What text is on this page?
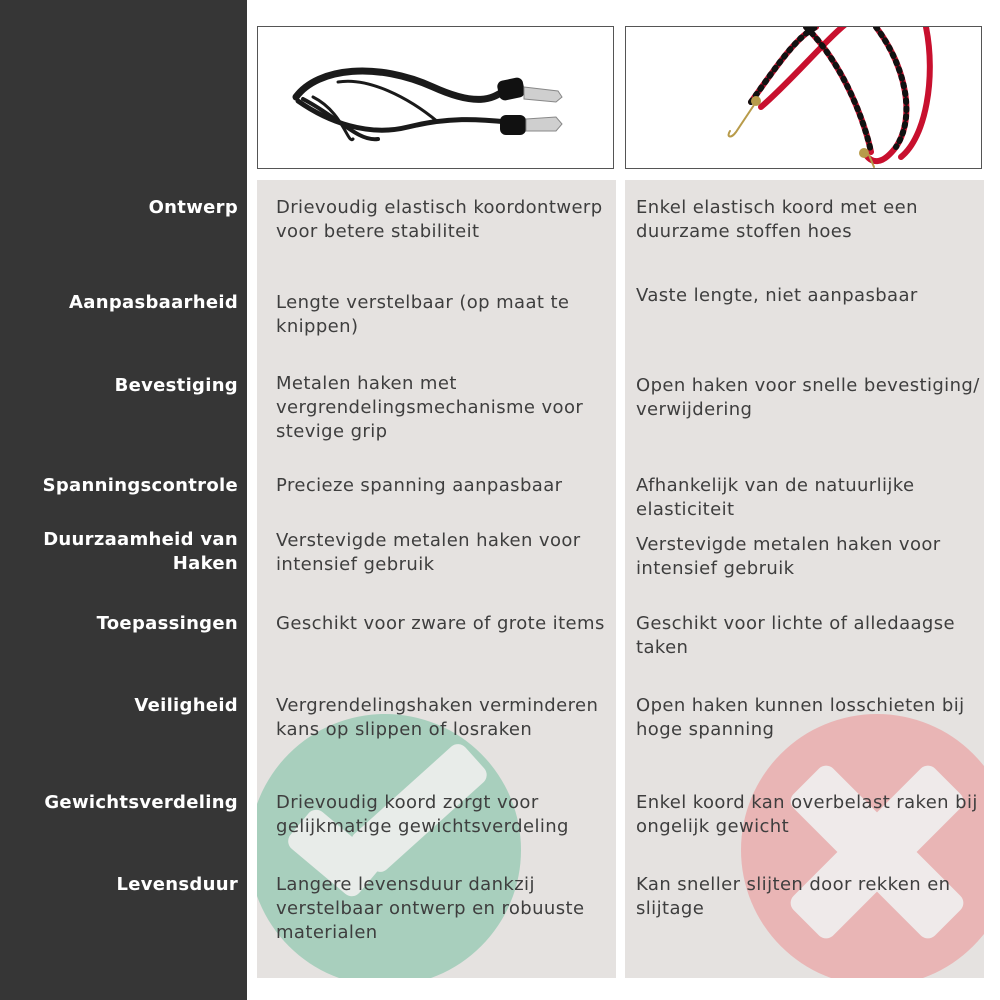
Ontwerp
Aanpasbaarheid
Bevestiging
Spanningscontrole
Duurzaamheid van Haken
Toepassingen
Veiligheid
Gewichtsverdeling
Levensduur
Drievoudig elastisch koordontwerp voor betere stabiliteit
Lengte verstelbaar (op maat te knippen)
Metalen haken met vergrendelingsmechanisme voor stevige grip
Precieze spanning aanpasbaar
Verstevigde metalen haken voor intensief gebruik
Geschikt voor zware of grote items
Vergrendelingshaken verminderen kans op slippen of losraken
Drievoudig koord zorgt voor gelijkmatige gewichtsverdeling
Langere levensduur dankzij verstelbaar ontwerp en robuuste materialen
Enkel elastisch koord met een duurzame stoffen hoes
Vaste lengte, niet aanpasbaar
Open haken voor snelle bevestiging/ verwijdering
Afhankelijk van de natuurlijke elasticiteit
Verstevigde metalen haken voor intensief gebruik
Geschikt voor lichte of alledaagse taken
Open haken kunnen losschieten bij hoge spanning
Enkel koord kan overbelast raken bij ongelijk gewicht
Kan sneller slijten door rekken en slijtage
